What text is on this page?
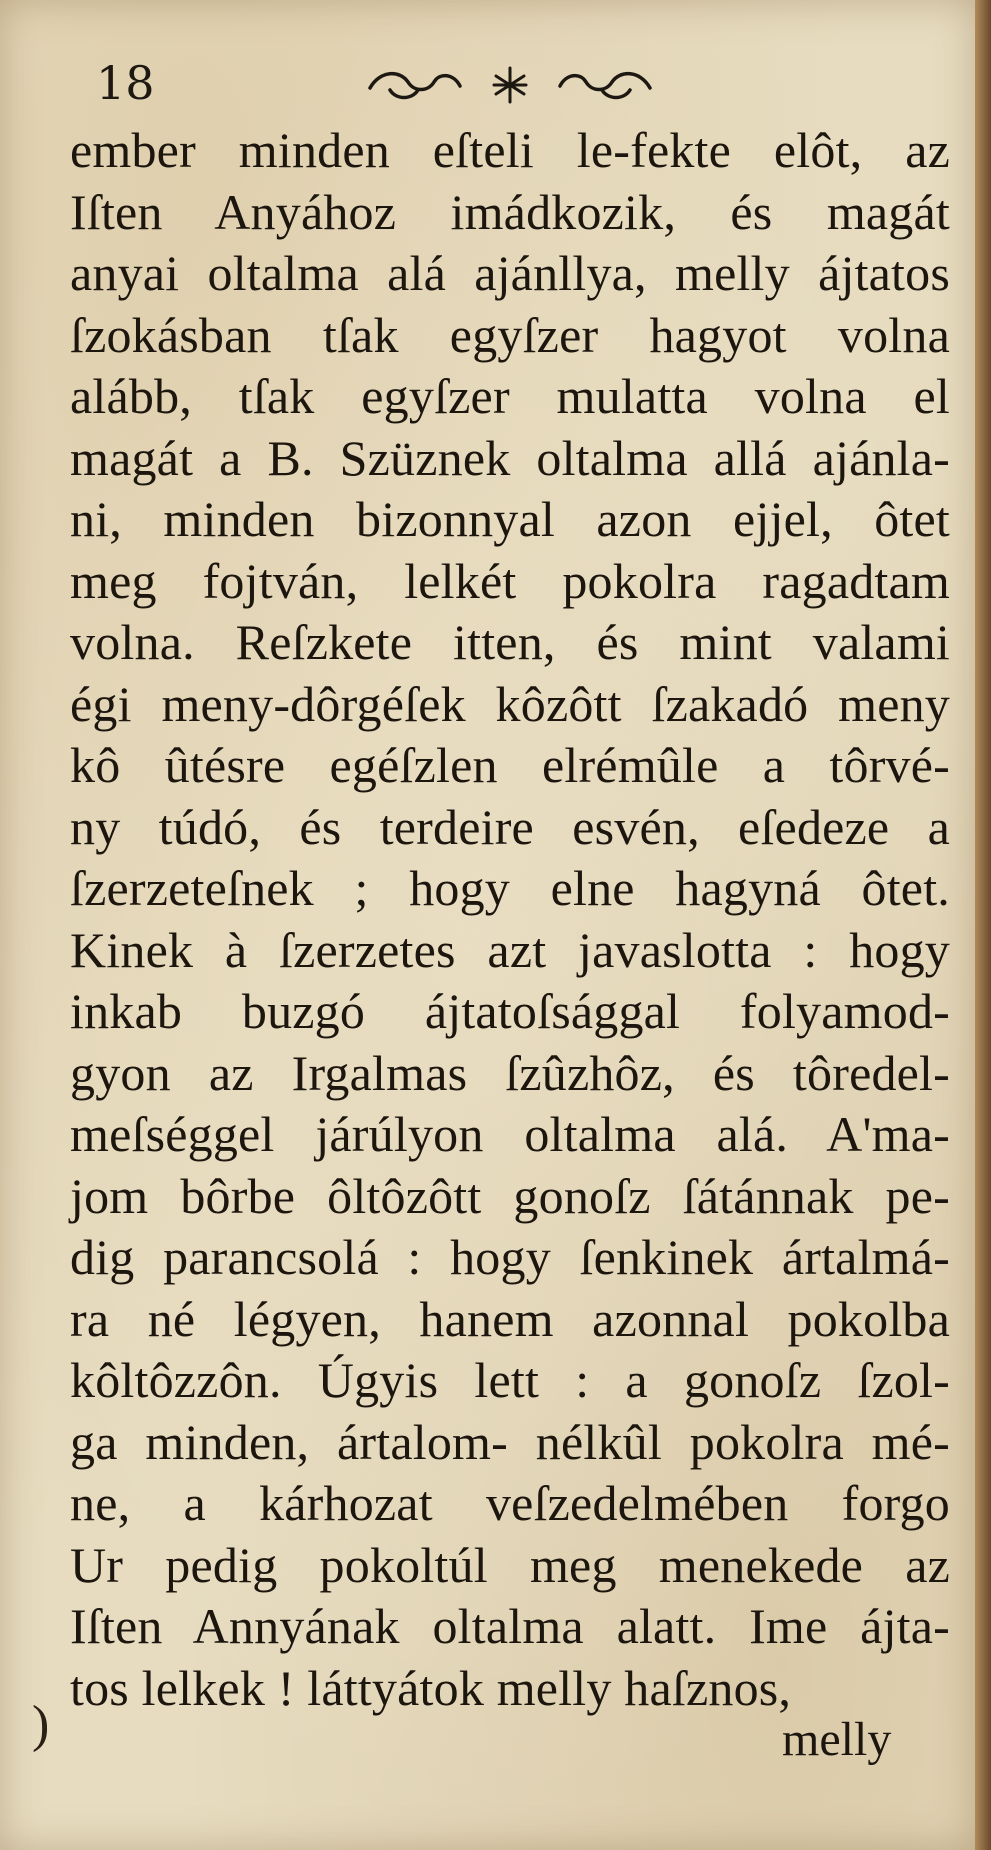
18
ember minden eſteli le-fekte elôt, az
Iſten Anyához imádkozik, és magát
anyai oltalma alá ajánllya, melly ájtatos
ſzokásban tſak egyſzer hagyot volna
alább, tſak egyſzer mulatta volna el
magát a B. Szüznek oltalma allá ajánla-
ni, minden bizonnyal azon ejjel, ôtet
meg fojtván, lelkét pokolra ragadtam
volna. Reſzkete itten, és mint valami
égi meny-dôrgéſek kôzôtt ſzakadó meny
kô ûtésre egéſzlen elrémûle a tôrvé-
ny túdó, és terdeire esvén, eſedeze a
ſzerzeteſnek ; hogy elne hagyná ôtet.
Kinek à ſzerzetes azt javaslotta : hogy
inkab buzgó ájtatoſsággal folyamod-
gyon az Irgalmas ſzûzhôz, és tôredel-
meſséggel járúlyon oltalma alá. A'ma-
jom bôrbe ôltôzôtt gonoſz ſátánnak pe-
dig parancsolá : hogy ſenkinek ártalmá-
ra né légyen, hanem azonnal pokolba
kôltôzzôn. Úgyis lett : a gonoſz ſzol-
ga minden, ártalom- nélkûl pokolra mé-
ne, a kárhozat veſzedelmében forgo
Ur pedig pokoltúl meg menekede az
Iſten Annyának oltalma alatt. Ime ájta-
tos lelkek ! láttyátok melly haſznos,
)	melly
